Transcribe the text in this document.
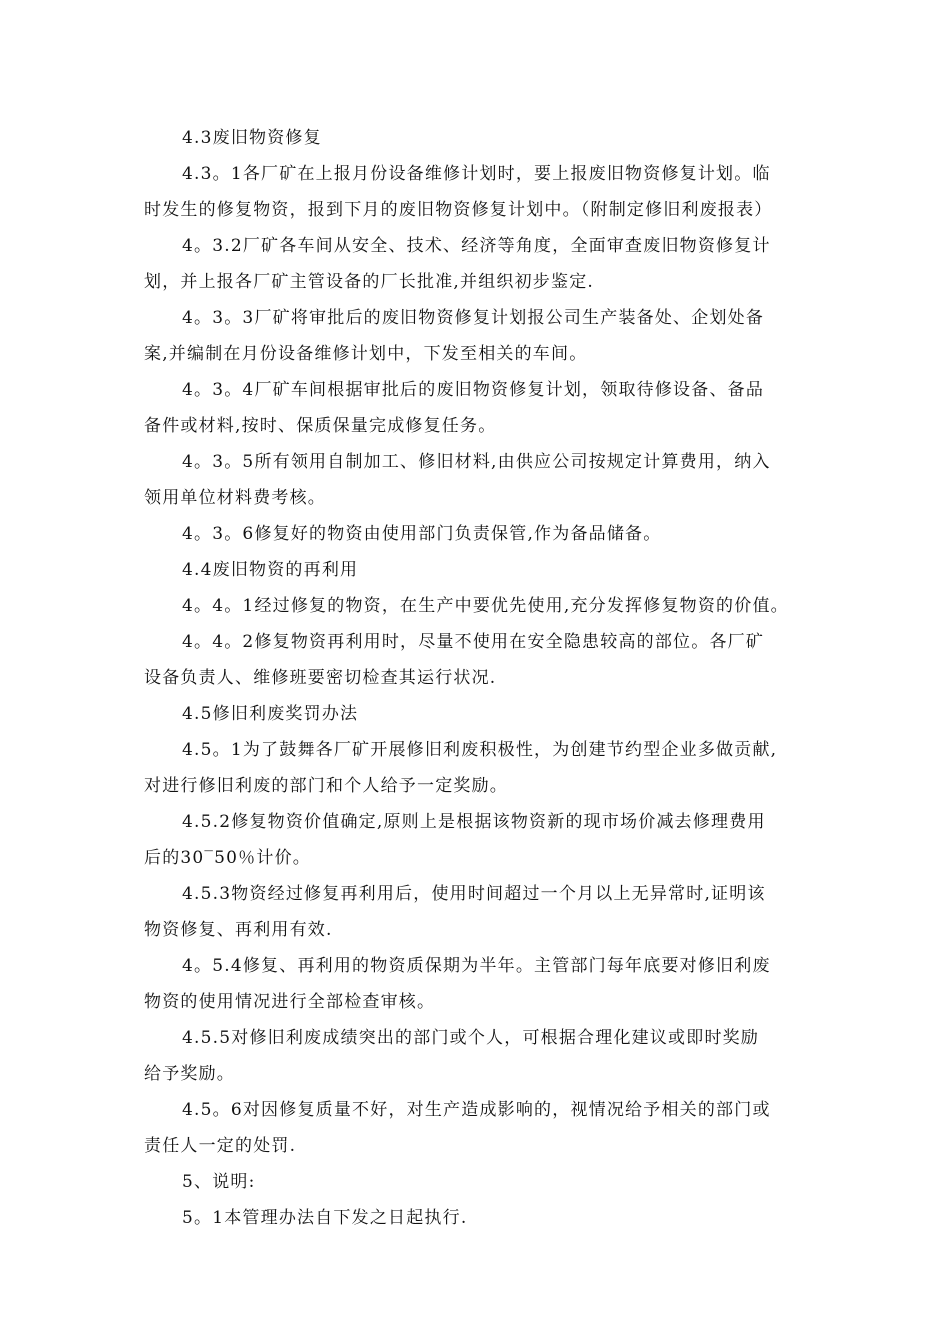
4.3废旧物资修复

4.3。1各厂矿在上报月份设备维修计划时，要上报废旧物资修复计划。临

时发生的修复物资，报到下月的废旧物资修复计划中。（附制定修旧利废报表）

4。3.2厂矿各车间从安全、技术、经济等角度，全面审查废旧物资修复计

划，并上报各厂矿主管设备的厂长批准,并组织初步鉴定.

4。3。3厂矿将审批后的废旧物资修复计划报公司生产装备处、企划处备

案,并编制在月份设备维修计划中，下发至相关的车间。

4。3。4厂矿车间根据审批后的废旧物资修复计划，领取待修设备、备品

备件或材料,按时、保质保量完成修复任务。

4。3。5所有领用自制加工、修旧材料,由供应公司按规定计算费用，纳入

领用单位材料费考核。

4。3。6修复好的物资由使用部门负责保管,作为备品储备。

4.4废旧物资的再利用

4。4。1经过修复的物资，在生产中要优先使用,充分发挥修复物资的价值。

4。4。2修复物资再利用时，尽量不使用在安全隐患较高的部位。各厂矿

设备负责人、维修班要密切检查其运行状况.

4.5修旧利废奖罚办法

4.5。1为了鼓舞各厂矿开展修旧利废积极性，为创建节约型企业多做贡献,

对进行修旧利废的部门和个人给予一定奖励。

4.5.2修复物资价值确定,原则上是根据该物资新的现市场价减去修理费用

后的30‾50％计价。

4.5.3物资经过修复再利用后，使用时间超过一个月以上无异常时,证明该

物资修复、再利用有效.

4。5.4修复、再利用的物资质保期为半年。主管部门每年底要对修旧利废

物资的使用情况进行全部检查审核。

4.5.5对修旧利废成绩突出的部门或个人，可根据合理化建议或即时奖励

给予奖励。

4.5。6对因修复质量不好，对生产造成影响的，视情况给予相关的部门或

责任人一定的处罚.

5、说明:

5。1本管理办法自下发之日起执行.
